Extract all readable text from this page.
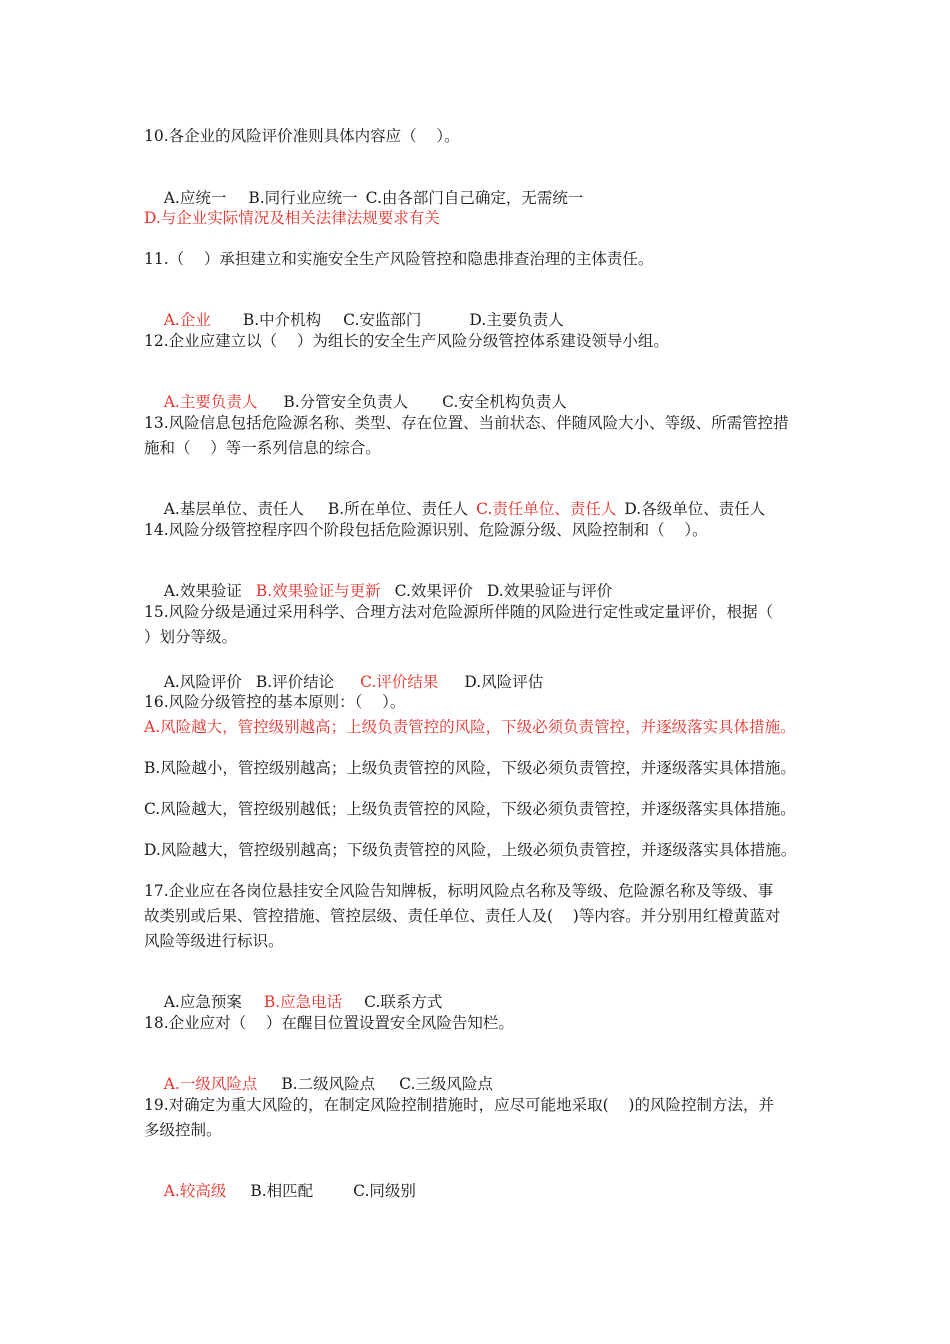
10.各企业的风险评价准则具体内容应（    ）。

A.应统一 B.同行业应统一 C.由各部门自己确定，无需统一

D.与企业实际情况及相关法律法规要求有关
11.（    ）承担建立和实施安全生产风险管控和隐患排查治理的主体责任。

A.企业 B.中介机构 C.安监部门	D.主要负责人

12.企业应建立以（    ）为组长的安全生产风险分级管控体系建设领导小组。

A.主要负责人 B.分管安全负责人 C.安全机构负责人

13.风险信息包括危险源名称、类型、存在位置、当前状态、伴随风险大小、等级、所需管控措
施和（    ）等一系列信息的综合。

A.基层单位、责任人 B.所在单位、责任人 C.责任单位、责任人 D.各级单位、责任人

14.风险分级管控程序四个阶段包括危险源识别、危险源分级、风险控制和（    ）。

A.效果验证 B.效果验证与更新 C.效果评价 D.效果验证与评价

15.风险分级是通过采用科学、合理方法对危险源所伴随的风险进行定性或定量评价，根据（
）划分等级。

A.风险评价 B.评价结论 C.评价结果 D.风险评估

16.风险分级管控的基本原则：（    ）。
A.风险越大，管控级别越高；上级负责管控的风险，下级必须负责管控，并逐级落实具体措施。
B.风险越小，管控级别越高；上级负责管控的风险，下级必须负责管控，并逐级落实具体措施。
C.风险越大，管控级别越低；上级负责管控的风险，下级必须负责管控，并逐级落实具体措施。
D.风险越大，管控级别越高；下级负责管控的风险，上级必须负责管控，并逐级落实具体措施。
17.企业应在各岗位悬挂安全风险告知牌板，标明风险点名称及等级、危险源名称及等级、事
故类别或后果、管控措施、管控层级、责任单位、责任人及(    )等内容。并分别用红橙黄蓝对
风险等级进行标识。

A.应急预案 B.应急电话 C.联系方式

18.企业应对（    ）在醒目位置设置安全风险告知栏。

A.一级风险点 B.二级风险点 C.三级风险点

19.对确定为重大风险的，在制定风险控制措施时，应尽可能地采取(    )的风险控制方法，并
多级控制。

A.较高级 B.相匹配	C.同级别
